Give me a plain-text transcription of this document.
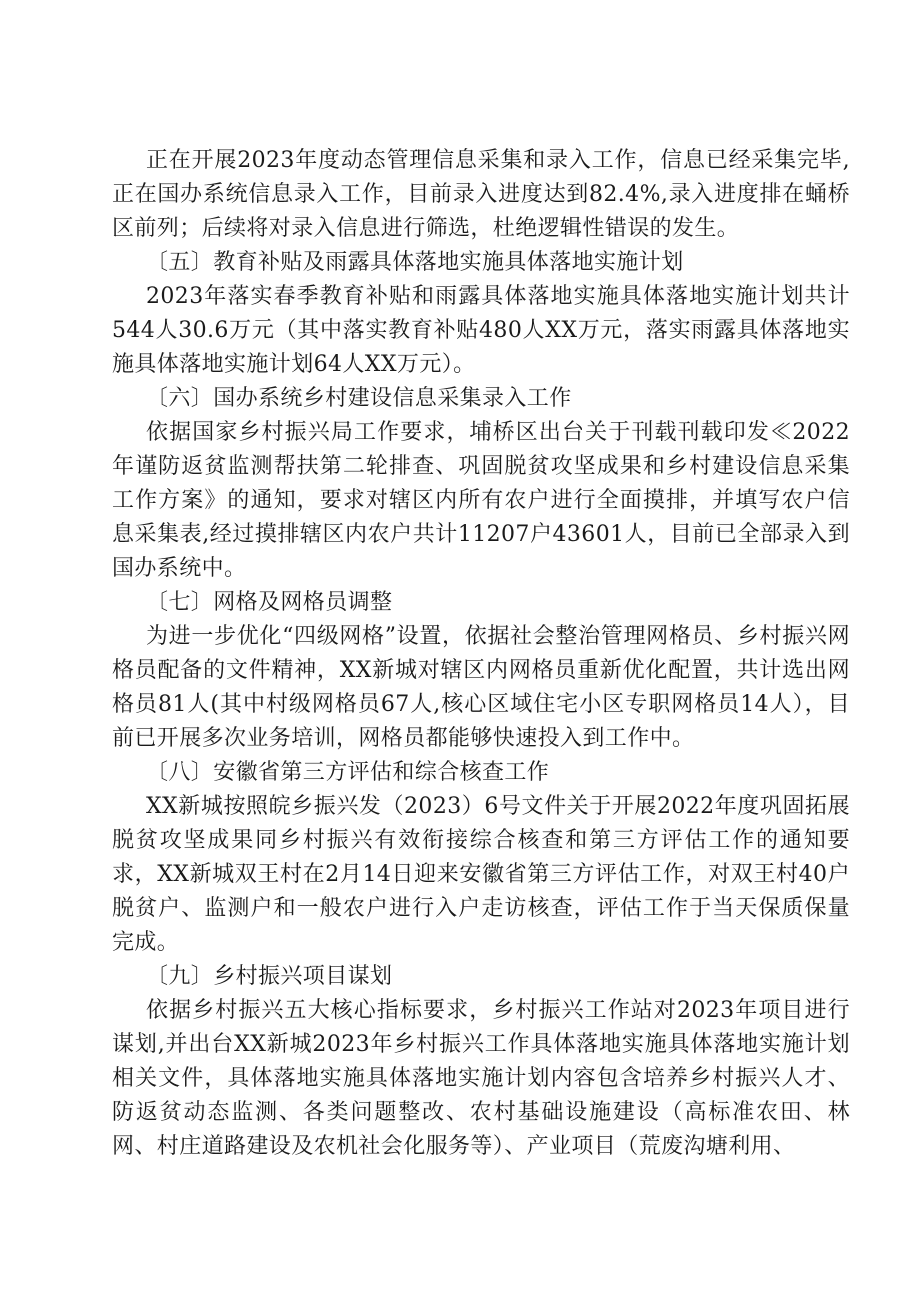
正在开展2023年度动态管理信息采集和录入工作，信息已经采集完毕,正在国办系统信息录入工作，目前录入进度达到82.4%,录入进度排在蛹桥区前列；后续将对录入信息进行筛选，杜绝逻辑性错误的发生。

〔五〕教育补贴及雨露具体落地实施具体落地实施计划

2023年落实春季教育补贴和雨露具体落地实施具体落地实施计划共计544人30.6万元（其中落实教育补贴480人XX万元，落实雨露具体落地实施具体落地实施计划64人XX万元）。

〔六〕国办系统乡村建设信息采集录入工作

依据国家乡村振兴局工作要求，埔桥区出台关于刊载刊载印发≪2022年谨防返贫监测帮扶第二轮排查、巩固脱贫攻坚成果和乡村建设信息采集工作方案》的通知，要求对辖区内所有农户进行全面摸排，并填写农户信息采集表,经过摸排辖区内农户共计11207户43601人，目前已全部录入到国办系统中。

〔七〕网格及网格员调整

为进一步优化“四级网格”设置，依据社会整治管理网格员、乡村振兴网格员配备的文件精神，XX新城对辖区内网格员重新优化配置，共计选出网格员81人(其中村级网格员67人,核心区域住宅小区专职网格员14人），目前已开展多次业务培训，网格员都能够快速投入到工作中。

〔八〕安徽省第三方评估和综合核查工作

XX新城按照皖乡振兴发（2023）6号文件关于开展2022年度巩固拓展脱贫攻坚成果同乡村振兴有效衔接综合核查和第三方评估工作的通知要求，XX新城双王村在2月14日迎来安徽省第三方评估工作，对双王村40户脱贫户、监测户和一般农户进行入户走访核查，评估工作于当天保质保量完成。

〔九〕乡村振兴项目谋划

依据乡村振兴五大核心指标要求，乡村振兴工作站对2023年项目进行谋划,并出台XX新城2023年乡村振兴工作具体落地实施具体落地实施计划相关文件，具体落地实施具体落地实施计划内容包含培养乡村振兴人才、防返贫动态监测、各类问题整改、农村基础设施建设（高标准农田、林网、村庄道路建设及农机社会化服务等）、产业项目（荒废沟塘利用、
